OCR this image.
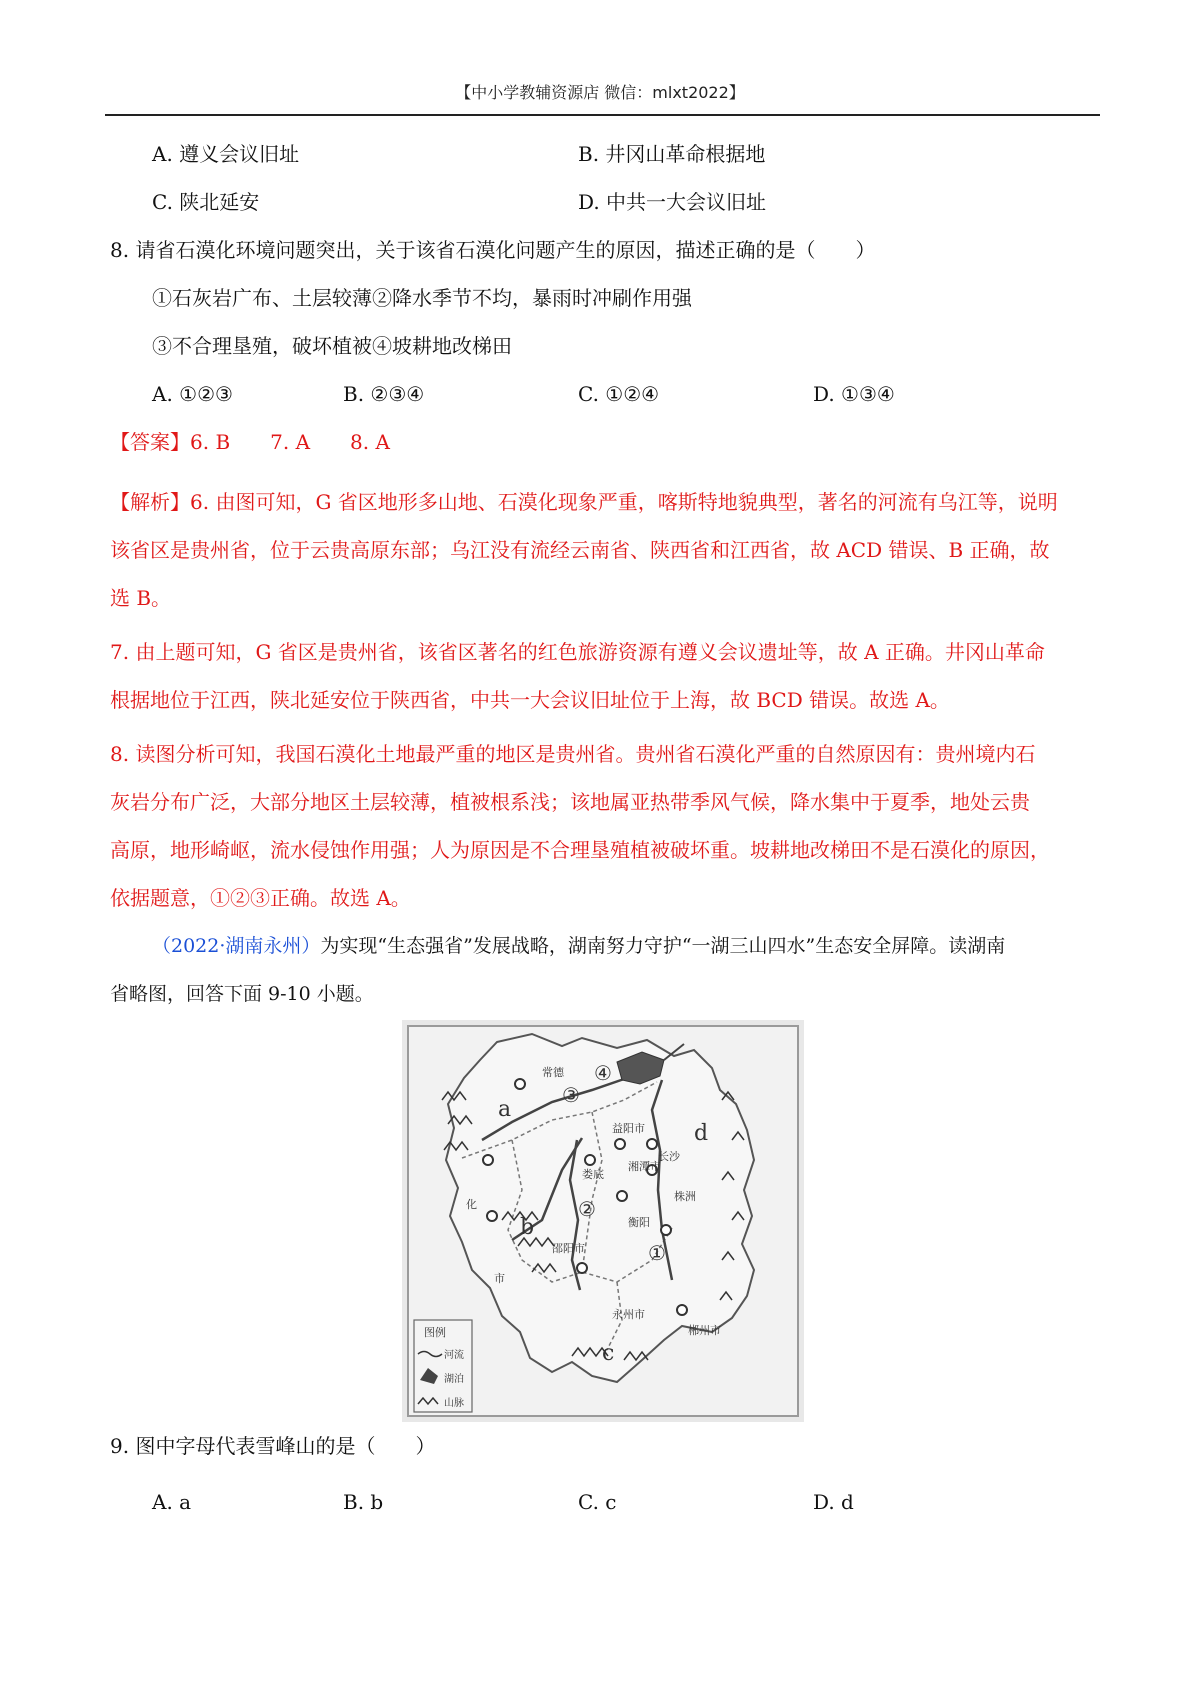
【中小学教辅资源店 微信：mlxt2022】
A. 遵义会议旧址	B. 井冈山革命根据地
C. 陕北延安	D. 中共一大会议旧址
8. 请省石漠化环境问题突出，关于该省石漠化问题产生的原因，描述正确的是（　　）
①石灰岩广布、土层较薄②降水季节不均，暴雨时冲刷作用强
③不合理垦殖，破坏植被④坡耕地改梯田
A. ①②③	B. ②③④	C. ①②④	D. ①③④
【答案】6. B　　7. A　　8. A
【解析】6. 由图可知，G 省区地形多山地、石漠化现象严重，喀斯特地貌典型，著名的河流有乌江等，说明
该省区是贵州省，位于云贵高原东部；乌江没有流经云南省、陕西省和江西省，故 ACD 错误、B 正确，故
选 B。
7. 由上题可知，G 省区是贵州省，该省区著名的红色旅游资源有遵义会议遗址等，故 A 正确。井冈山革命
根据地位于江西，陕北延安位于陕西省，中共一大会议旧址位于上海，故 BCD 错误。故选 A。
8. 读图分析可知，我国石漠化土地最严重的地区是贵州省。贵州省石漠化严重的自然原因有：贵州境内石
灰岩分布广泛，大部分地区土层较薄，植被根系浅；该地属亚热带季风气候，降水集中于夏季，地处云贵
高原，地形崎岖，流水侵蚀作用强；人为原因是不合理垦殖植被破坏重。坡耕地改梯田不是石漠化的原因，
依据题意，①②③正确。故选 A。
（2022·湖南永州）为实现“生态强省”发展战略，湖南努力守护“一湖三山四水”生态安全屏障。读湖南
省略图，回答下面 9-10 小题。
a
b
c
d
①
②
③
④
益阳市
邵阳市
永州市
郴州市
湘潭市
长沙
株洲
化
市
常德
娄底
衡阳
图例
河流
湖泊
山脉
9. 图中字母代表雪峰山的是（　　）
A. a	B. b	C. c	D. d
